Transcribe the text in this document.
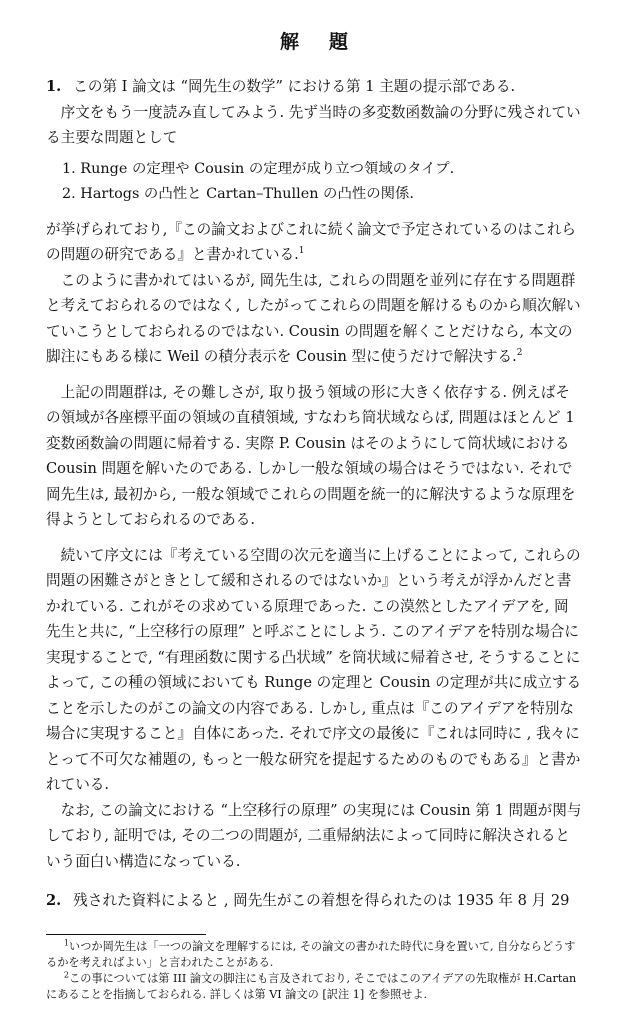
解題
1. この第 I 論文は “岡先生の数学” における第 1 主題の提示部である.

序文をもう一度読み直してみよう. 先ず当時の多変数函数論の分野に残されている主要な問題として

1. Runge の定理や Cousin の定理が成り立つ領域のタイプ.
2. Hartogs の凸性と Cartan–Thullen の凸性の関係.

が挙げられており,『この論文およびこれに続く論文で予定されているのはこれらの問題の研究である』と書かれている.$^1$

このように書かれてはいるが, 岡先生は, これらの問題を並列に存在する問題群と考えておられるのではなく, したがってこれらの問題を解けるものから順次解いていこうとしておられるのではない. Cousin の問題を解くことだけなら, 本文の脚注にもある様に Weil の積分表示を Cousin 型に使うだけで解決する.$^2$

上記の問題群は, その難しさが, 取り扱う領域の形に大きく依存する. 例えばその領域が各座標平面の領域の直積領域, すなわち筒状域ならば, 問題はほとんど 1 変数函数論の問題に帰着する. 実際 P. Cousin はそのようにして筒状域における Cousin 問題を解いたのである. しかし一般な領域の場合はそうではない. それで岡先生は, 最初から, 一般な領域でこれらの問題を統一的に解決するような原理を得ようとしておられるのである.

続いて序文には『考えている空間の次元を適当に上げることによって, これらの問題の困難さがときとして緩和されるのではないか』という考えが浮かんだと書かれている. これがその求めている原理であった. この漠然としたアイデアを, 岡先生と共に, “上空移行の原理” と呼ぶことにしよう. このアイデアを特別な場合に実現することで, “有理函数に関する凸状域” を筒状域に帰着させ, そうすることによって, この種の領域においても Runge の定理と Cousin の定理が共に成立することを示したのがこの論文の内容である. しかし, 重点は『このアイデアを特別な場合に実現すること』自体にあった. それで序文の最後に『これは同時に , 我々にとって不可欠な補題の, もっと一般な研究を提起するためのものでもある』と書かれている.

なお, この論文における “上空移行の原理” の実現には Cousin 第 1 問題が関与しており, 証明では, その二つの問題が, 二重帰納法によって同時に解決されるという面白い構造になっている.

2. 残された資料によると , 岡先生がこの着想を得られたのは 1935 年 8 月 29

$^1$いつか岡先生は「一つの論文を理解するには, その論文の書かれた時代に身を置いて, 自分ならどうするかを考えればよい」と言われたことがある.

$^2$この事については第 III 論文の脚注にも言及されており, そこではこのアイデアの先取権が H.Cartan にあることを指摘しておられる. 詳しくは第 VI 論文の [訳注 1] を参照せよ.
